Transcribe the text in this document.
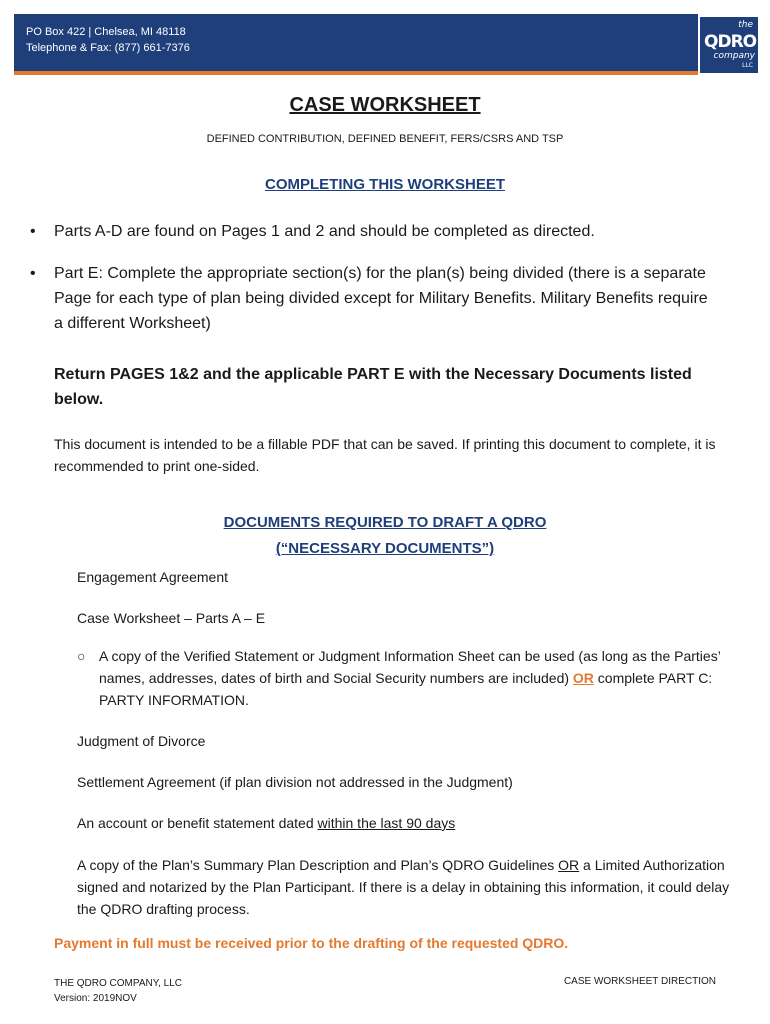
PO Box 422 | Chelsea, MI 48118
Telephone & Fax: (877) 661-7376
the
QDRO
company
LLC
CASE WORKSHEET
DEFINED CONTRIBUTION, DEFINED BENEFIT, FERS/CSRS AND TSP
COMPLETING THIS WORKSHEET
• Parts A-D are found on Pages 1 and 2 and should be completed as directed.
• Part E: Complete the appropriate section(s) for the plan(s) being divided (there is a separate Page for each type of plan being divided except for Military Benefits. Military Benefits require a different Worksheet)
Return PAGES 1&2 and the applicable PART E with the Necessary Documents listed below.
This document is intended to be a fillable PDF that can be saved. If printing this document to complete, it is recommended to print one-sided.
DOCUMENTS REQUIRED TO DRAFT A QDRO
(“NECESSARY DOCUMENTS”)
Engagement Agreement
Case Worksheet – Parts A – E
○ A copy of the Verified Statement or Judgment Information Sheet can be used (as long as the Parties’ names, addresses, dates of birth and Social Security numbers are included) OR complete PART C: PARTY INFORMATION.
Judgment of Divorce
Settlement Agreement (if plan division not addressed in the Judgment)
An account or benefit statement dated within the last 90 days
A copy of the Plan’s Summary Plan Description and Plan’s QDRO Guidelines OR a Limited Authorization signed and notarized by the Plan Participant. If there is a delay in obtaining this information, it could delay the QDRO drafting process.
Payment in full must be received prior to the drafting of the requested QDRO.
THE QDRO COMPANY, LLC
Version: 2019NOV
CASE WORKSHEET DIRECTION
